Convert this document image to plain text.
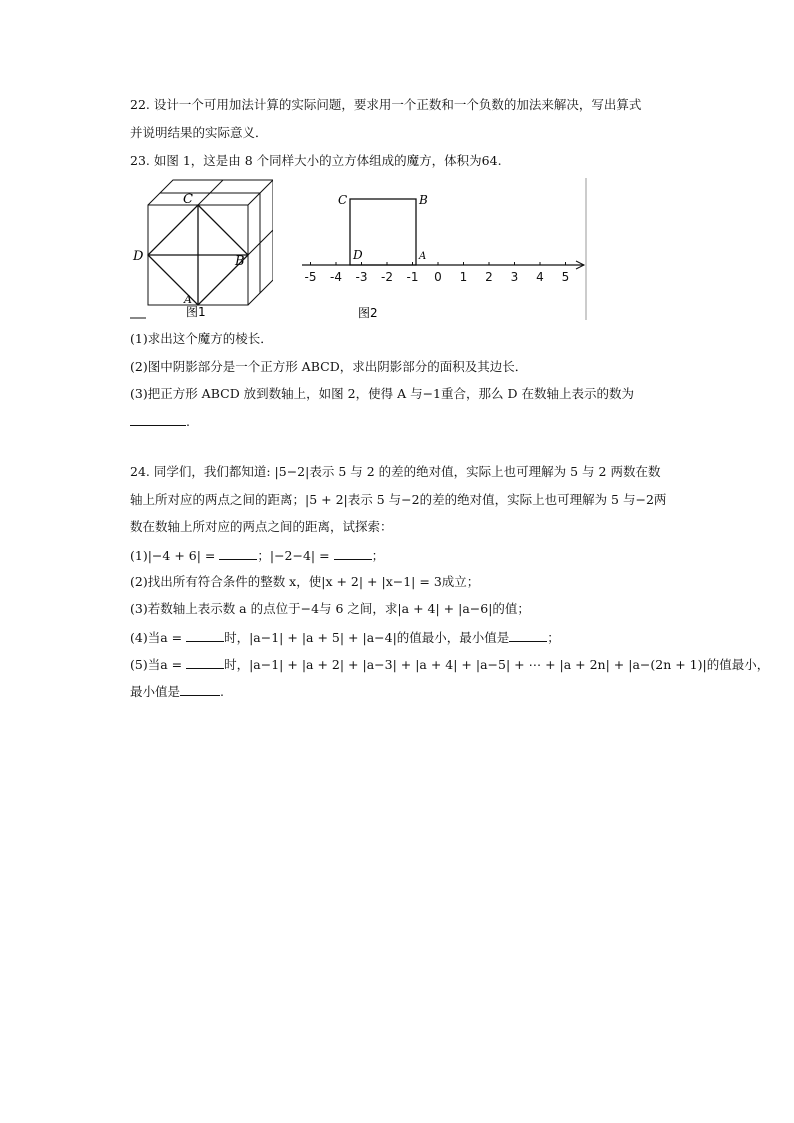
22. 设计一个可用加法计算的实际问题，要求用一个正数和一个负数的加法来解决，写出算式
并说明结果的实际意义．
23. 如图 1，这是由 8 个同样大小的立方体组成的魔方，体积为64.
C
D	B
A
图1
-5 -4 -3 -2 -1 0 1 2 3 4 5
C	B
D	A
图2
(1)求出这个魔方的棱长．
(2)图中阴影部分是一个正方形 ABCD，求出阴影部分的面积及其边长．
(3)把正方形 ABCD 放到数轴上，如图 2，使得 A 与−1重合，那么 D 在数轴上表示的数为
.
24. 同学们，我们都知道: |5−2|表示 5 与 2 的差的绝对值，实际上也可理解为 5 与 2 两数在数
轴上所对应的两点之间的距离；|5 + 2|表示 5 与−2的差的绝对值，实际上也可理解为 5 与−2两
数在数轴上所对应的两点之间的距离，试探索：
(1)|−4 + 6| =	；|−2−4| =	；
(2)找出所有符合条件的整数 x，使|x + 2| + |x−1| = 3成立；
(3)若数轴上表示数 a 的点位于−4与 6 之间，求|a + 4| + |a−6|的值；
(4)当a =	时，|a−1| + |a + 5| + |a−4|的值最小，最小值是	；
(5)当a =	时，|a−1| + |a + 2| + |a−3| + |a + 4| + |a−5| + ⋯ + |a + 2n| + |a−(2n + 1)|的值最小，
最小值是	.
